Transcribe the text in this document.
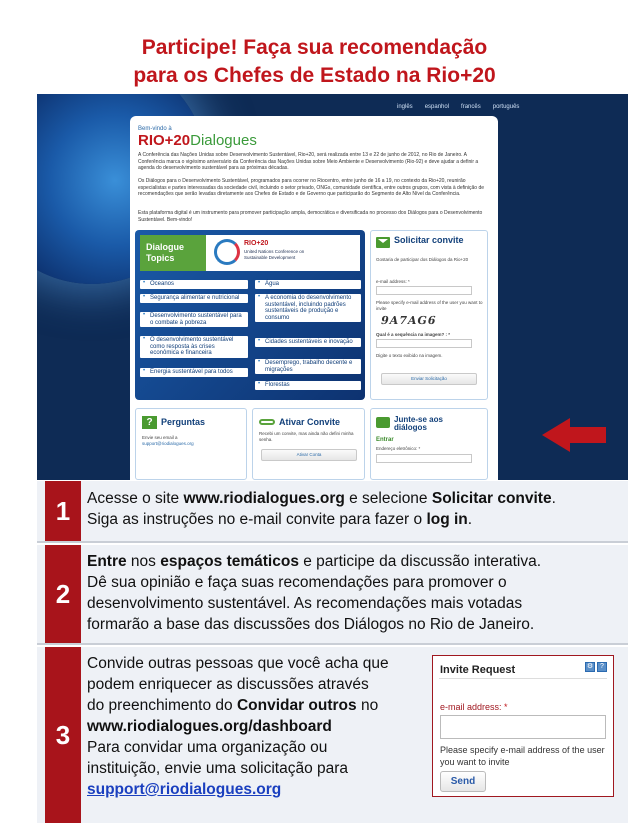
Participe! Faça sua recomendação
para os Chefes de Estado na Rio+20
inglês espanhol francês português
Bem-vindo à
RIO+20Dialogues
A Conferência das Nações Unidas sobre Desenvolvimento Sustentável, Rio+20, será realizada entre 13 e 22 de junho de 2012, no Rio de Janeiro. A Conferência marca o vigésimo aniversário da Conferência das Nações Unidas sobre Meio Ambiente e Desenvolvimento (Rio-92) e deve ajudar a definir a agenda do desenvolvimento sustentável para as próximas décadas.
Os Diálogos para o Desenvolvimento Sustentável, programados para ocorrer no Riocentro, entre junho de 16 a 19, no contexto da Rio+20, reunirão especialistas e partes interessadas da sociedade civil, incluindo o setor privado, ONGs, comunidade científica, entre outros grupos, com vista à definição de recomendações que serão levadas diretamente aos Chefes de Estado e de Governo que participarão do Segmento de Alto Nível da Conferência.
Esta plataforma digital é um instrumento para promover participação ampla, democrática e diversificada no processo dos Diálogos para o Desenvolvimento Sustentável. Bem-vindo!
Dialogue Topics
RIO+20
United Nations Conference on Sustainable Development
• Oceanos
• Segurança alimentar e nutricional
• Desenvolvimento sustentável para o combate à pobreza
• O desenvolvimento sustentável como resposta às crises econômica e financeira
• Energia sustentável para todos
• Água
• A economia do desenvolvimento sustentável, incluindo padrões sustentáveis de produção e consumo
• Cidades sustentáveis e inovação
• Desemprego, trabalho decente e migrações
• Florestas
Solicitar convite
Gostaria de participar dos Diálogos da Rio+20
e-mail address: *
Please specify e-mail address of the user you want to invite
9A7AG6
Qual é a sequência na imagem? : *
Digite o texto exibido na imagem.
Enviar Solicitação
? Perguntas
Envie seu email a
support@riodialogues.org
Ativar Convite
Recebi um convite, mas ainda não defini minha senha.
Ativar Conta
Junte-se aos diálogos
Entrar
Endereço eletrônico: *
1	Acesse o site www.riodialogues.org e selecione Solicitar convite.
Siga as instruções no e-mail convite para fazer o log in.
2
Entre nos espaços temáticos e participe da discussão interativa.
Dê sua opinião e faça suas recomendações para promover o
desenvolvimento sustentável. As recomendações mais votadas
formarão a base das discussões dos Diálogos no Rio de Janeiro.
3
Convide outras pessoas que você acha que
podem enriquecer as discussões através
do preenchimento do Convidar outros no
www.riodialogues.org/dashboard
Para convidar uma organização ou
instituição, envie uma solicitação para
support@riodialogues.org
Invite Request	⚙ ?
e-mail address: *
Please specify e-mail address of the user you want to invite
Send
